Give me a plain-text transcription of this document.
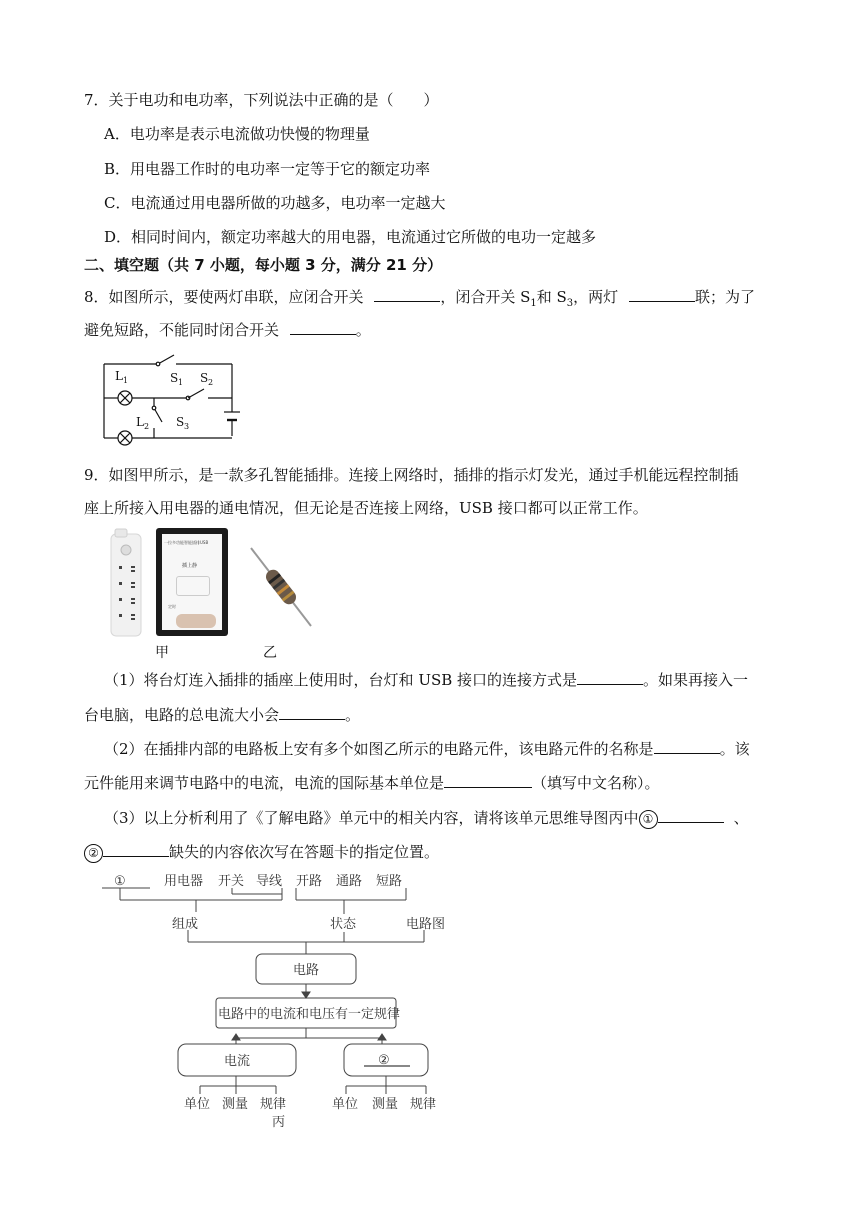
7．关于电功和电功率，下列说法中正确的是（　　）
A．电功率是表示电流做功快慢的物理量
B．用电器工作时的电功率一定等于它的额定功率
C．电流通过用电器所做的功越多，电功率一定越大
D．相同时间内，额定功率越大的用电器，电流通过它所做的电功一定越多
二、填空题（共 7 小题，每小题 3 分，满分 21 分）
8．如图所示，要使两灯串联，应闭合开关	，闭合开关 $S_1$和 $S_3$，两灯	联；为了
避免短路，不能同时闭合开关	。
L 1	S 1 S 2
L 2 S 3
9．如图甲所示，是一款多孔智能插排。连接上网络时，插排的指示灯发光，通过手机能远程控制插
座上所接入用电器的通电情况，但无论是否连接上网络，USB 接口都可以正常工作。
一拉多功能智能插排USB
插上静
定时
甲	乙
（1）将台灯连入插排的插座上使用时，台灯和 USB 接口的连接方式是	。如果再接入一
台电脑，电路的总电流大小会	。
（2）在插排内部的电路板上安有多个如图乙所示的电路元件，该电路元件的名称是	。该
元件能用来调节电路中的电流，电流的国际基本单位是	（填写中文名称）。
（3）以上分析利用了《了解电路》单元中的相关内容，请将该单元思维导图丙中 ①	、
②	缺失的内容依次写在答题卡的指定位置。
①	用电器 开关 导线 开路 通路 短路
组成	状态	电路图
电路
电路中的电流和电压有一定规律
电流	②
单位 测量 规律	单位 测量 规律
丙
